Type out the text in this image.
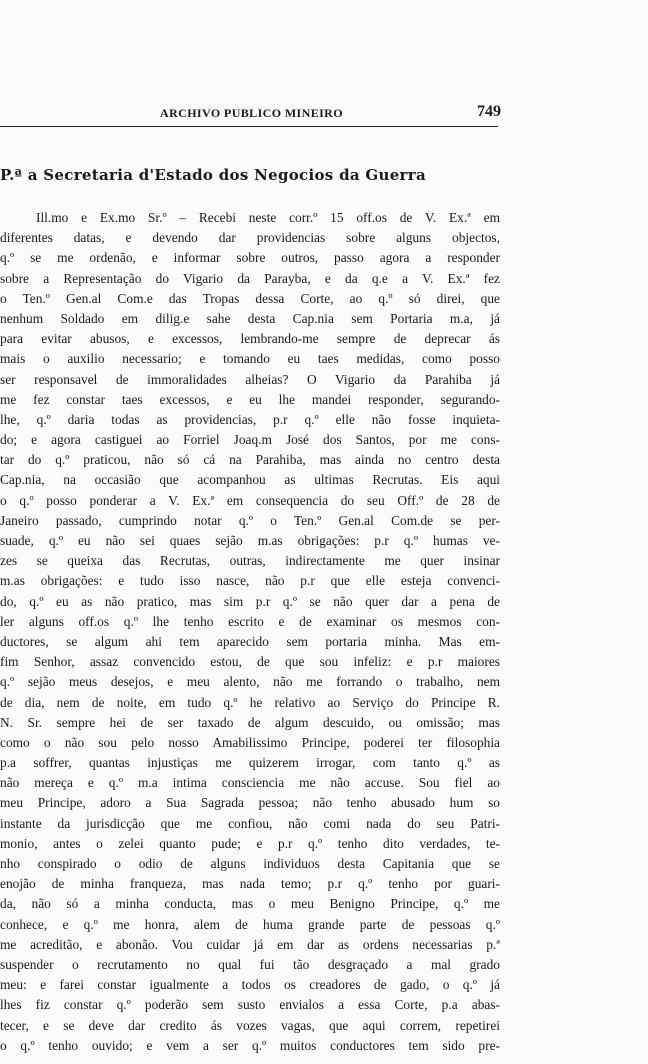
ARCHIVO PUBLICO MINEIRO	749
P.ª a Secretaria d'Estado dos Negocios da Guerra
Ill.mo e Ex.mo Sr.º – Recebi neste corr.º 15 off.os de V. Ex.ª em
diferentes datas, e devendo dar providencias sobre alguns objectos,
q.º se me ordenão, e informar sobre outros, passo agora a responder
sobre a Representação do Vigario da Parayba, e da q.e a V. Ex.ª fez
o Ten.º Gen.al Com.e das Tropas dessa Corte, ao q.º só direi, que
nenhum Soldado em dilig.e sahe desta Cap.nia sem Portaria m.a, já
para evitar abusos, e excessos, lembrando-me sempre de deprecar ás
mais o auxilio necessario; e tomando eu taes medidas, como posso
ser responsavel de immoralidades alheias? O Vigario da Parahiba já
me fez constar taes excessos, e eu lhe mandei responder, segurando-
lhe, q.º daria todas as providencias, p.r q.º elle não fosse inquieta-
do; e agora castiguei ao Forriel Joaq.m José dos Santos, por me cons-
tar do q.º praticou, não só cá na Parahiba, mas ainda no centro desta
Cap.nia, na occasião que acompanhou as ultimas Recrutas. Eis aqui
o q.º posso ponderar a V. Ex.ª em consequencia do seu Off.º de 28 de
Janeiro passado, cumprindo notar q.º o Ten.º Gen.al Com.de se per-
suade, q.º eu não sei quaes sejão m.as obrigações: p.r q.º humas ve-
zes se queixa das Recrutas, outras, indirectamente me quer insinar
m.as obrigações: e tudo isso nasce, não p.r que elle esteja convenci-
do, q.º eu as não pratico, mas sim p.r q.º se não quer dar a pena de
ler alguns off.os q.º lhe tenho escrito e de examinar os mesmos con-
ductores, se algum ahi tem aparecido sem portaria minha. Mas em-
fim Senhor, assaz convencido estou, de que sou infeliz: e p.r maiores
q.º sejão meus desejos, e meu alento, não me forrando o trabalho, nem
de dia, nem de noite, em tudo q.º he relativo ao Serviço do Principe R.
N. Sr. sempre hei de ser taxado de algum descuido, ou omissão; mas
como o não sou pelo nosso Amabilissimo Principe, poderei ter filosophia
p.a soffrer, quantas injustiças me quizerem irrogar, com tanto q.º as
não mereça e q.º m.a intima consciencia me não accuse. Sou fiel ao
meu Principe, adoro a Sua Sagrada pessoa; não tenho abusado hum so
instante da jurisdicção que me confiou, não comi nada do seu Patri-
monio, antes o zelei quanto pude; e p.r q.º tenho dito verdades, te-
nho conspirado o odio de alguns individuos desta Capitania que se
enojão de minha franqueza, mas nada temo; p.r q.º tenho por guari-
da, não só a minha conducta, mas o meu Benigno Principe, q.º me
conhece, e q.º me honra, alem de huma grande parte de pessoas q.º
me acreditão, e abonão. Vou cuidar já em dar as ordens necessarias p.ª
suspender o recrutamento no qual fui tão desgraçado a mal grado
meu: e farei constar igualmente a todos os creadores de gado, o q.º já
lhes fiz constar q.º poderão sem susto envialos a essa Corte, p.a abas-
tecer, e se deve dar credito ás vozes vagas, que aqui correm, repetirei
o q.º tenho ouvido; e vem a ser q.º muitos conductores tem sido pre-
